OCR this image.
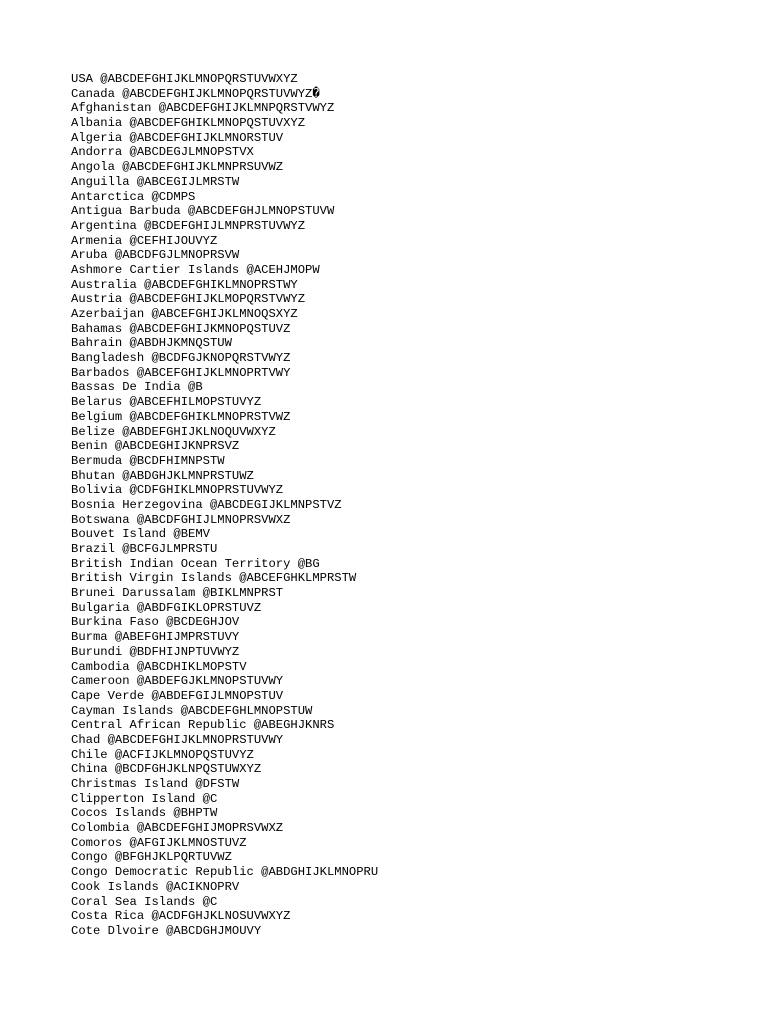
USA @ABCDEFGHIJKLMNOPQRSTUVWXYZ
Canada @ABCDEFGHIJKLMNOPQRSTUVWYZ�
Afghanistan @ABCDEFGHIJKLMNPQRSTVWYZ
Albania @ABCDEFGHIKLMNOPQSTUVXYZ
Algeria @ABCDEFGHIJKLMNORSTUV
Andorra @ABCDEGJLMNOPSTVX
Angola @ABCDEFGHIJKLMNPRSUVWZ
Anguilla @ABCEGIJLMRSTW
Antarctica @CDMPS
Antigua Barbuda @ABCDEFGHJLMNOPSTUVW
Argentina @BCDEFGHIJLMNPRSTUVWYZ
Armenia @CEFHIJOUVYZ
Aruba @ABCDFGJLMNOPRSVW
Ashmore Cartier Islands @ACEHJMOPW
Australia @ABCDEFGHIKLMNOPRSTWY
Austria @ABCDEFGHIJKLMOPQRSTVWYZ
Azerbaijan @ABCEFGHIJKLMNOQSXYZ
Bahamas @ABCDEFGHIJKMNOPQSTUVZ
Bahrain @ABDHJKMNQSTUW
Bangladesh @BCDFGJKNOPQRSTVWYZ
Barbados @ABCEFGHIJKLMNOPRTVWY
Bassas De India @B
Belarus @ABCEFHILMOPSTUVYZ
Belgium @ABCDEFGHIKLMNOPRSTVWZ
Belize @ABDEFGHIJKLNOQUVWXYZ
Benin @ABCDEGHIJKNPRSVZ
Bermuda @BCDFHIMNPSTW
Bhutan @ABDGHJKLMNPRSTUWZ
Bolivia @CDFGHIKLMNOPRSTUVWYZ
Bosnia Herzegovina @ABCDEGIJKLMNPSTVZ
Botswana @ABCDFGHIJLMNOPRSVWXZ
Bouvet Island @BEMV
Brazil @BCFGJLMPRSTU
British Indian Ocean Territory @BG
British Virgin Islands @ABCEFGHKLMPRSTW
Brunei Darussalam @BIKLMNPRST
Bulgaria @ABDFGIKLOPRSTUVZ
Burkina Faso @BCDEGHJOV
Burma @ABEFGHIJMPRSTUVY
Burundi @BDFHIJNPTUVWYZ
Cambodia @ABCDHIKLMOPSTV
Cameroon @ABDEFGJKLMNOPSTUVWY
Cape Verde @ABDEFGIJLMNOPSTUV
Cayman Islands @ABCDEFGHLMNOPSTUW
Central African Republic @ABEGHJKNRS
Chad @ABCDEFGHIJKLMNOPRSTUVWY
Chile @ACFIJKLMNOPQSTUVYZ
China @BCDFGHJKLNPQSTUWXYZ
Christmas Island @DFSTW
Clipperton Island @C
Cocos Islands @BHPTW
Colombia @ABCDEFGHIJMOPRSVWXZ
Comoros @AFGIJKLMNOSTUVZ
Congo @BFGHJKLPQRTUVWZ
Congo Democratic Republic @ABDGHIJKLMNOPRU
Cook Islands @ACIKNOPRV
Coral Sea Islands @C
Costa Rica @ACDFGHJKLNOSUVWXYZ
Cote Dlvoire @ABCDGHJMOUVY
